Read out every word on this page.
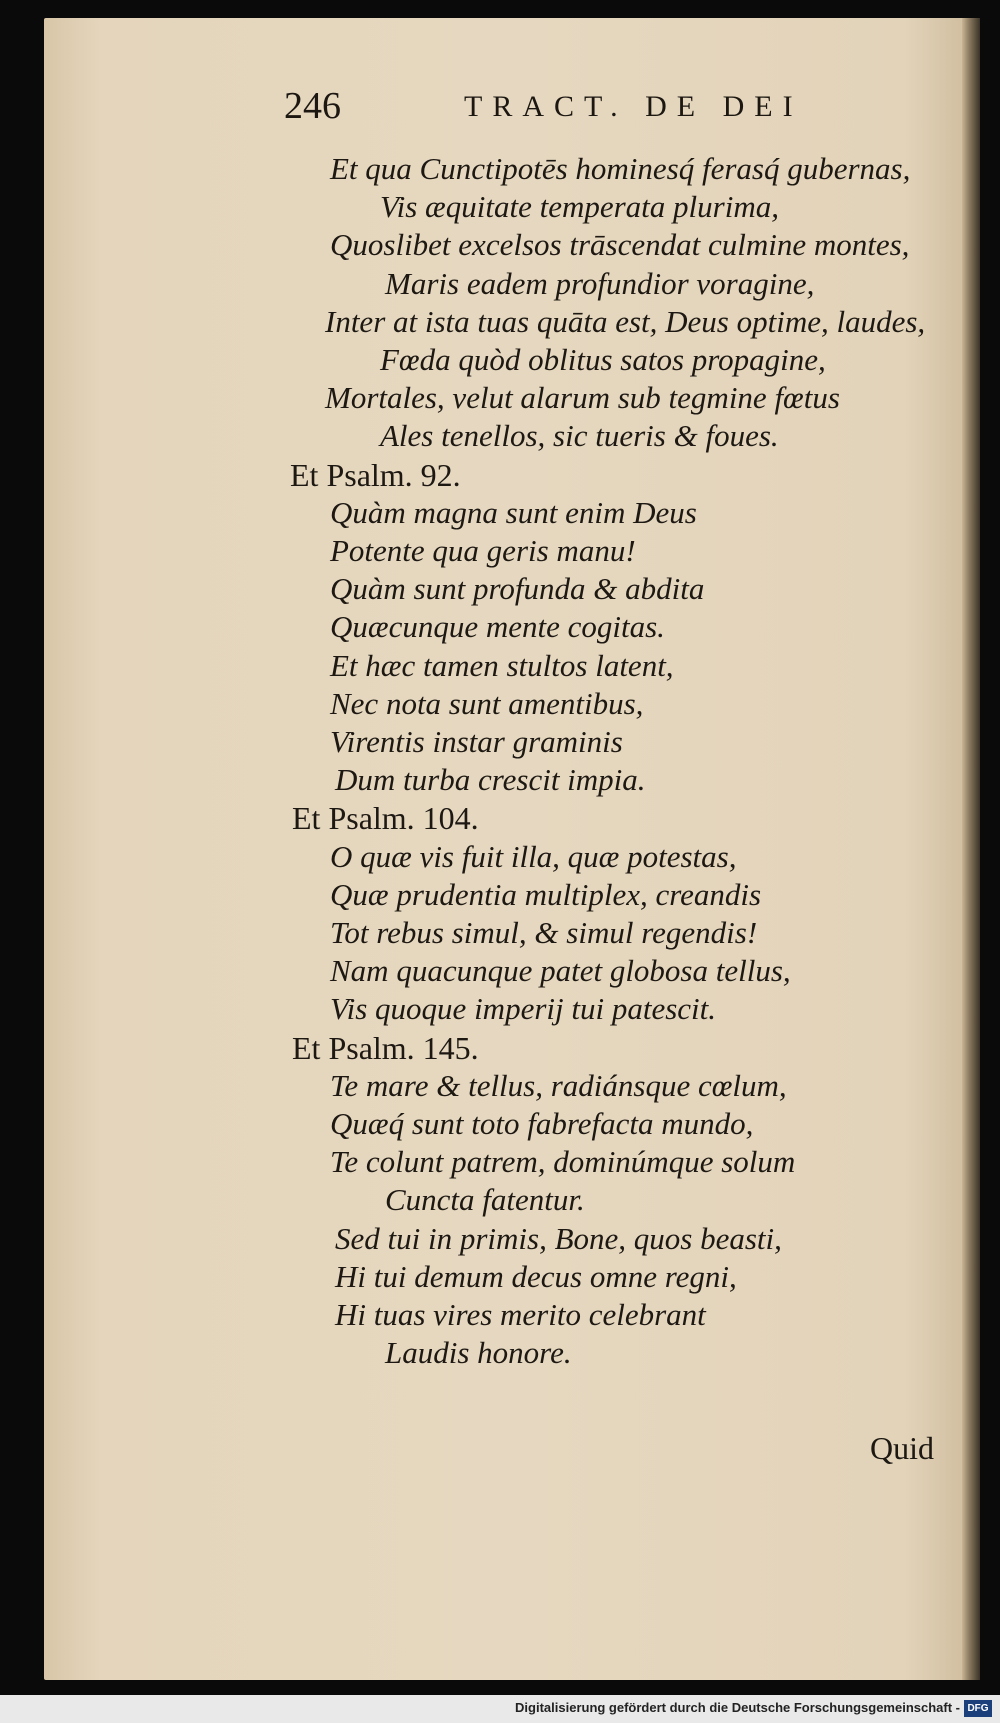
246	TRACT. DE DEI
Et qua Cunctipotēs hominesq́ ferasq́ gubernas,
Vis æquitate temperata plurima,
Quoslibet excelsos trāscendat culmine montes,
Maris eadem profundior voragine,
Inter at ista tuas quāta est, Deus optime, laudes,
Fœda quòd oblitus satos propagine,
Mortales, velut alarum sub tegmine fœtus
Ales tenellos, sic tueris & foues.
Et Psalm. 92.
Quàm magna sunt enim Deus
Potente qua geris manu!
Quàm sunt profunda & abdita
Quæcunque mente cogitas.
Et hæc tamen stultos latent,
Nec nota sunt amentibus,
Virentis instar graminis
Dum turba crescit impia.
Et Psalm. 104.
O quæ vis fuit illa, quæ potestas,
Quæ prudentia multiplex, creandis
Tot rebus simul, & simul regendis!
Nam quacunque patet globosa tellus,
Vis quoque imperij tui patescit.
Et Psalm. 145.
Te mare & tellus, radiánsque cœlum,
Quæq́ sunt toto fabrefacta mundo,
Te colunt patrem, dominúmque solum
Cuncta fatentur.
Sed tui in primis, Bone, quos beasti,
Hi tui demum decus omne regni,
Hi tuas vires merito celebrant
Laudis honore.
Quid
Digitalisierung gefördert durch die Deutsche Forschungsgemeinschaft - DFG
